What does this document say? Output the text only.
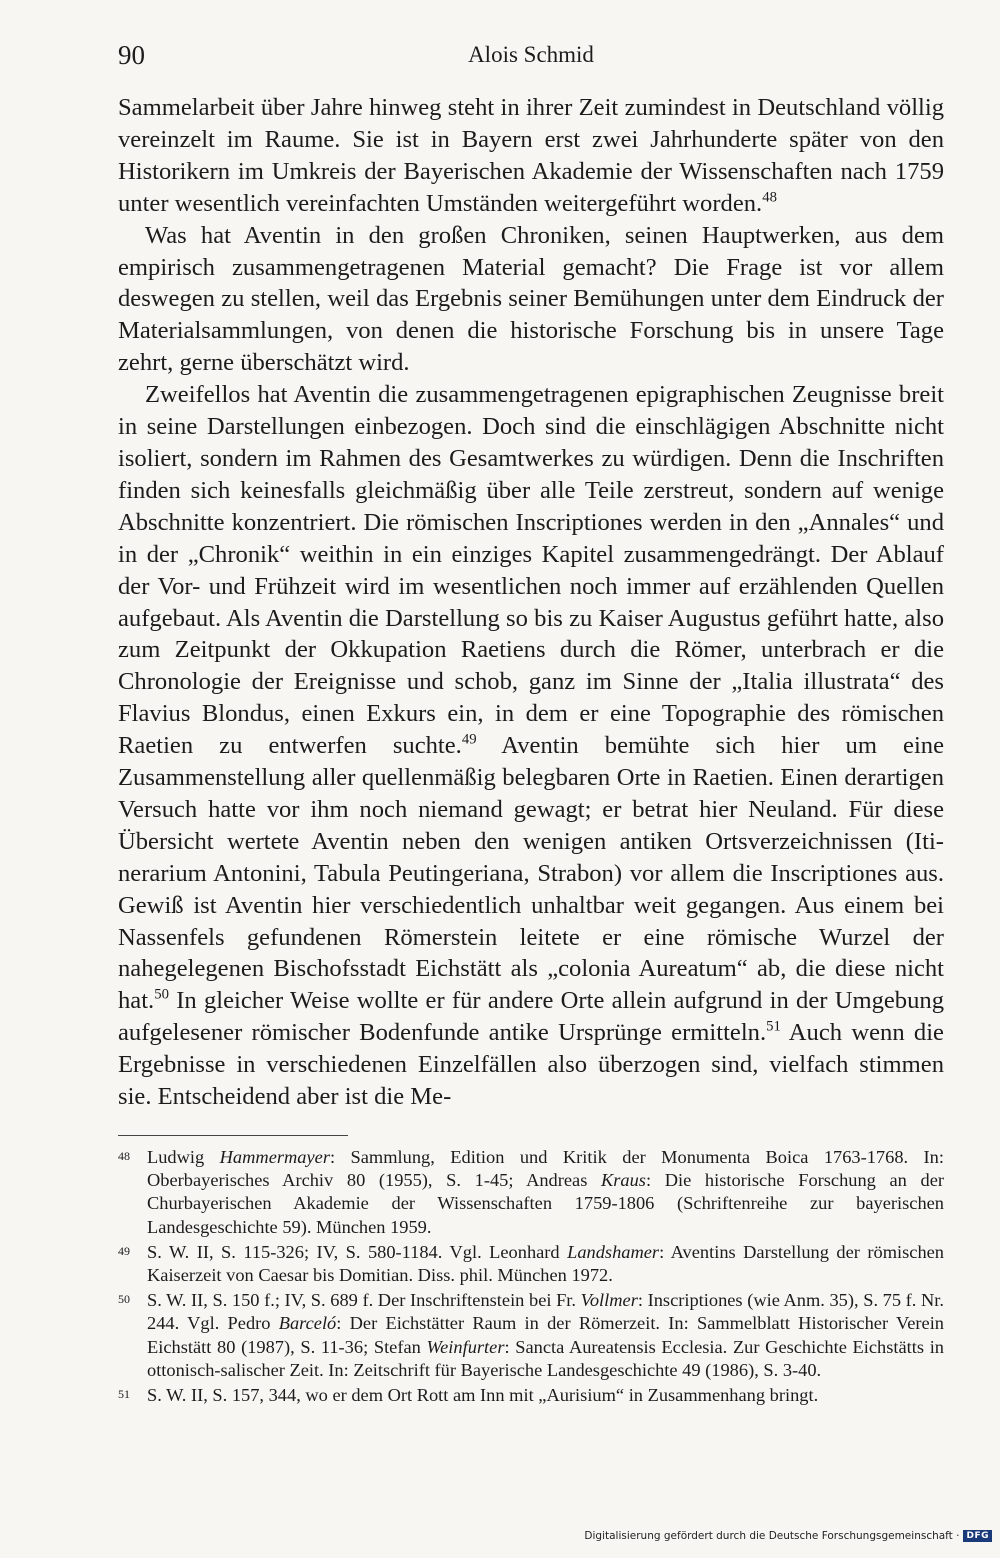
90	Alois Schmid

Sammelarbeit über Jahre hinweg steht in ihrer Zeit zumindest in Deutschland völlig vereinzelt im Raume. Sie ist in Bayern erst zwei Jahrhunderte später von den Historikern im Umkreis der Bayerischen Akademie der Wissenschaften nach 1759 unter wesentlich vereinfachten Umständen weitergeführt worden.$^{48}$

Was hat Aventin in den großen Chroniken, seinen Hauptwerken, aus dem empirisch zusammengetragenen Material gemacht? Die Frage ist vor allem deswegen zu stellen, weil das Ergebnis seiner Bemühungen unter dem Eindruck der Materialsammlungen, von denen die historische Forschung bis in unsere Tage zehrt, gerne überschätzt wird.

Zweifellos hat Aventin die zusammengetragenen epigraphischen Zeugnisse breit in seine Darstellungen einbezogen. Doch sind die einschlägigen Abschnitte nicht isoliert, sondern im Rahmen des Gesamtwerkes zu würdigen. Denn die Inschriften finden sich keinesfalls gleichmäßig über alle Teile zerstreut, sondern auf wenige Abschnitte konzentriert. Die römischen Inscriptiones werden in den „Annales“ und in der „Chronik“ weithin in ein einziges Kapitel zusammengedrängt. Der Ablauf der Vor- und Frühzeit wird im wesentlichen noch immer auf erzählenden Quellen aufgebaut. Als Aventin die Darstellung so bis zu Kaiser Augustus geführt hatte, also zum Zeitpunkt der Okkupation Raetiens durch die Römer, unterbrach er die Chronologie der Ereignisse und schob, ganz im Sinne der „Italia illustrata“ des Flavius Blondus, einen Exkurs ein, in dem er eine Topographie des römischen Raetien zu entwerfen suchte.$^{49}$ Aventin bemühte sich hier um eine Zusammenstellung aller quellenmäßig belegbaren Orte in Raetien. Einen derartigen Versuch hatte vor ihm noch niemand gewagt; er betrat hier Neuland. Für diese Übersicht wertete Aventin neben den wenigen antiken Ortsverzeichnissen (Itinerarium Antonini, Tabula Peutingeriana, Strabon) vor allem die Inscriptiones aus. Gewiß ist Aventin hier verschiedentlich unhaltbar weit gegangen. Aus einem bei Nassenfels gefundenen Römerstein leitete er eine römische Wurzel der nahegelegenen Bischofsstadt Eichstätt als „colonia Aureatum“ ab, die diese nicht hat.$^{50}$ In gleicher Weise wollte er für andere Orte allein aufgrund in der Umgebung aufgelesener römischer Bodenfunde antike Ursprünge ermitteln.$^{51}$ Auch wenn die Ergebnisse in verschiedenen Einzelfällen also überzogen sind, vielfach stimmen sie. Entscheidend aber ist die Me-

48 Ludwig Hammermayer: Sammlung, Edition und Kritik der Monumenta Boica 1763-1768. In: Oberbayerisches Archiv 80 (1955), S. 1-45; Andreas Kraus: Die historische Forschung an der Churbayerischen Akademie der Wissenschaften 1759-1806 (Schriftenreihe zur bayerischen Landesgeschichte 59). München 1959.
49 S. W. II, S. 115-326; IV, S. 580-1184. Vgl. Leonhard Landshamer: Aventins Darstellung der römischen Kaiserzeit von Caesar bis Domitian. Diss. phil. München 1972.
50 S. W. II, S. 150 f.; IV, S. 689 f. Der Inschriftenstein bei Fr. Vollmer: Inscriptiones (wie Anm. 35), S. 75 f. Nr. 244. Vgl. Pedro Barceló: Der Eichstätter Raum in der Römerzeit. In: Sammelblatt Historischer Verein Eichstätt 80 (1987), S. 11-36; Stefan Weinfurter: Sancta Aureatensis Ecclesia. Zur Geschichte Eichstätts in ottonisch-salischer Zeit. In: Zeitschrift für Bayerische Landesgeschichte 49 (1986), S. 3-40.
51 S. W. II, S. 157, 344, wo er dem Ort Rott am Inn mit „Aurisium“ in Zusammenhang bringt.
Digitalisierung gefördert durch die Deutsche Forschungsgemeinschaft · DFG
